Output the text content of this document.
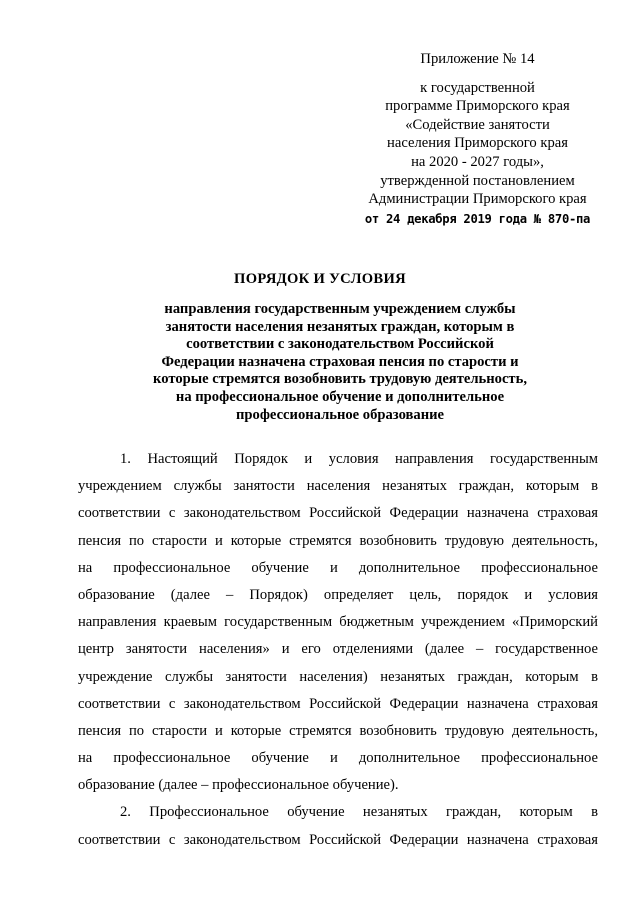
Приложение № 14
к государственной
программе Приморского края
«Содействие занятости
населения Приморского края
на 2020 - 2027 годы»,
утвержденной постановлением
Администрации Приморского края
от 24 декабря 2019 года № 870-па
ПОРЯДОК И УСЛОВИЯ
направления государственным учреждением службы
занятости населения незанятых граждан, которым в
соответствии с законодательством Российской
Федерации назначена страховая пенсия по старости и
которые стремятся возобновить трудовую деятельность,
на профессиональное обучение и дополнительное
профессиональное образование
1. Настоящий Порядок и условия направления государственным
учреждением службы занятости населения незанятых граждан, которым в
соответствии с законодательством Российской Федерации назначена страховая
пенсия по старости и которые стремятся возобновить трудовую деятельность,
на профессиональное обучение и дополнительное профессиональное
образование (далее – Порядок) определяет цель, порядок и условия
направления краевым государственным бюджетным учреждением «Приморский
центр занятости населения» и его отделениями (далее – государственное
учреждение службы занятости населения) незанятых граждан, которым в
соответствии с законодательством Российской Федерации назначена страховая
пенсия по старости и которые стремятся возобновить трудовую деятельность,
на профессиональное обучение и дополнительное профессиональное
образование (далее – профессиональное обучение).
2. Профессиональное обучение незанятых граждан, которым в
соответствии с законодательством Российской Федерации назначена страховая
